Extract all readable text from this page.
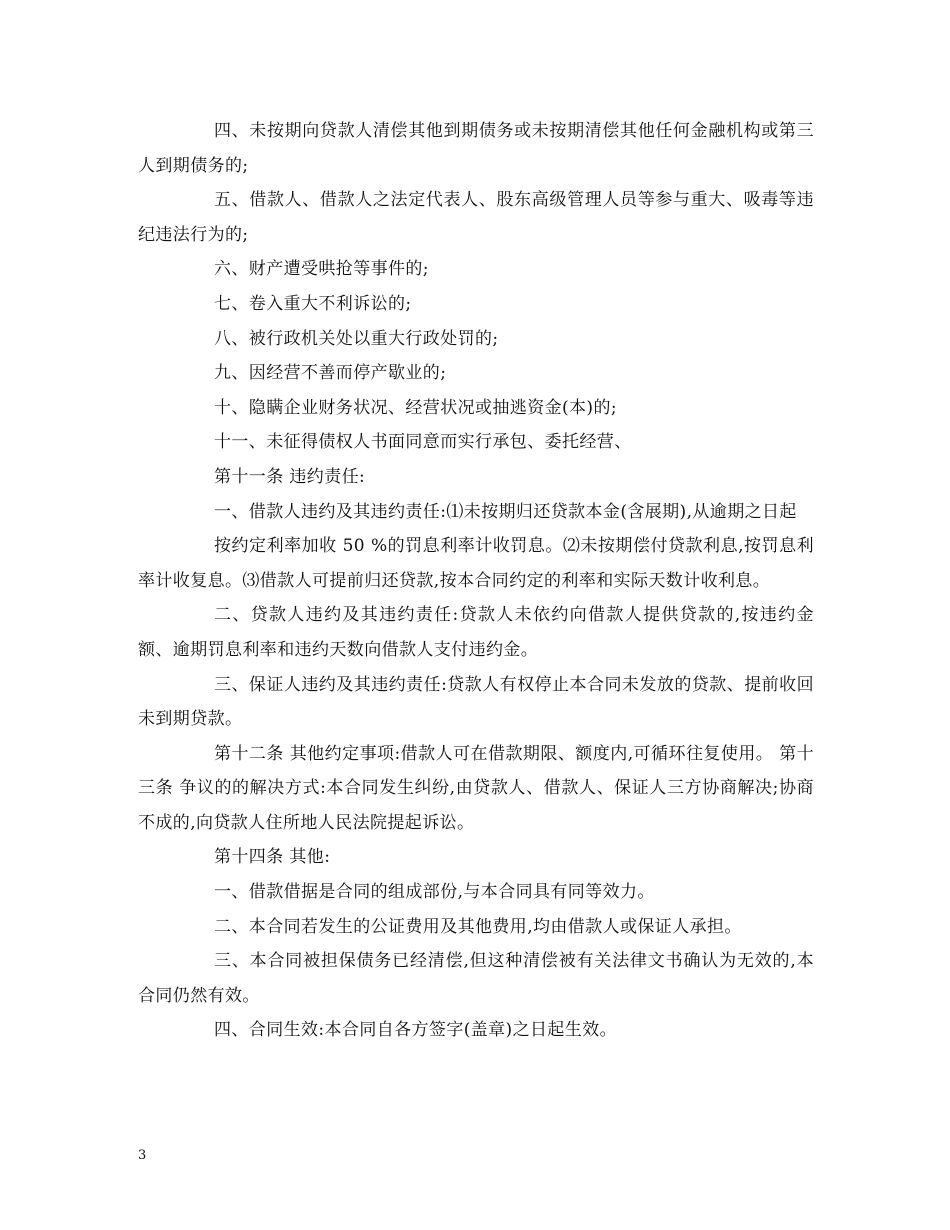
四、未按期向贷款人清偿其他到期债务或未按期清偿其他任何金融机构或第三人到期债务的;

五、借款人、借款人之法定代表人、股东高级管理人员等参与重大、吸毒等违纪违法行为的;

六、财产遭受哄抢等事件的;

七、卷入重大不利诉讼的;

八、被行政机关处以重大行政处罚的;

九、因经营不善而停产歇业的;

十、隐瞒企业财务状况、经营状况或抽逃资金(本)的;

十一、未征得债权人书面同意而实行承包、委托经营、

第十一条 违约责任:

一、借款人违约及其违约责任:⑴未按期归还贷款本金(含展期),从逾期之日起

按约定利率加收 50 %的罚息利率计收罚息。⑵未按期偿付贷款利息,按罚息利率计收复息。⑶借款人可提前归还贷款,按本合同约定的利率和实际天数计收利息。

二、贷款人违约及其违约责任:贷款人未依约向借款人提供贷款的,按违约金额、逾期罚息利率和违约天数向借款人支付违约金。

三、保证人违约及其违约责任:贷款人有权停止本合同未发放的贷款、提前收回未到期贷款。

第十二条 其他约定事项:借款人可在借款期限、额度内,可循环往复使用。 第十三条 争议的的解决方式:本合同发生纠纷,由贷款人、借款人、保证人三方协商解决;协商不成的,向贷款人住所地人民法院提起诉讼。

第十四条 其他:

一、借款借据是合同的组成部份,与本合同具有同等效力。

二、本合同若发生的公证费用及其他费用,均由借款人或保证人承担。

三、本合同被担保债务已经清偿,但这种清偿被有关法律文书确认为无效的,本合同仍然有效。

四、合同生效:本合同自各方签字(盖章)之日起生效。

3
